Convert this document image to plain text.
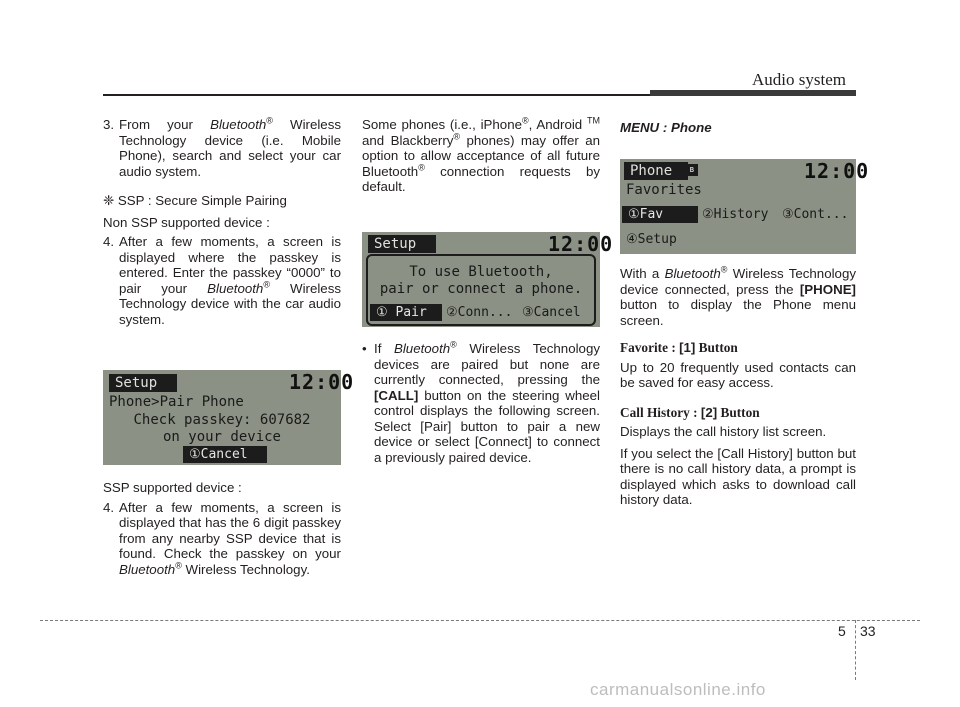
Audio system
3. From your Bluetooth® Wireless Technology device (i.e. Mobile Phone), search and select your car audio system.

❈ SSP : Secure Simple Pairing

Non SSP supported device :

4. After a few moments, a screen is displayed where the passkey is entered. Enter the passkey “0000” to pair your Bluetooth® Wireless Technology device with the car audio system.
Setup	12:00
Phone>Pair Phone
Check passkey: 607682
on your device
①Cancel

SSP supported device :

4. After a few moments, a screen is displayed that has the 6 digit passkey from any nearby SSP device that is found. Check the passkey on your Bluetooth® Wireless Technology.

Some phones (i.e., iPhone®, Android ™ and Blackberry® phones) may offer an option to allow acceptance of all future Bluetooth® connection requests by default.

Setup	12:00
To use Bluetooth,
pair or connect a phone.
① Pair	②Conn... ③Cancel
• If Bluetooth® Wireless Technology devices are paired but none are currently connected, pressing the [CALL] button on the steering wheel control displays the following screen. Select [Pair] button to pair a new device or select [Connect] to connect a previously paired device.

MENU : Phone

Phone	ʙ	12:00
Favorites
①Fav	②History ③Cont...
④Setup

With a Bluetooth® Wireless Technology device connected, press the [PHONE] button to display the Phone menu screen.

Favorite : [1] Button

Up to 20 frequently used contacts can be saved for easy access.

Call History : [2] Button

Displays the call history list screen.

If you select the [Call History] button but there is no call history data, a prompt is displayed which asks to download call history data.

5 33
carmanualsonline.info
